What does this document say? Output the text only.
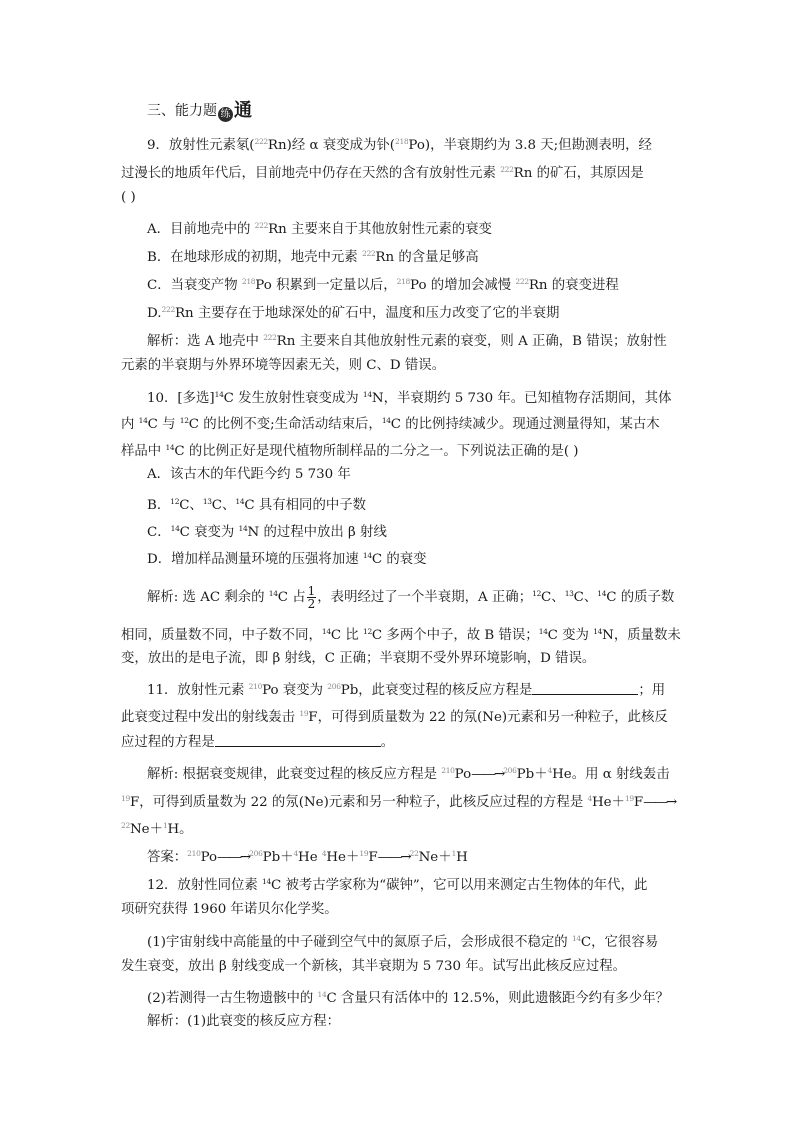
三、能力题 练 通
9．放射性元素氡($^{222}$Rn)经 α 衰变成为钋($^{218}$Po)，半衰期约为 3.8 天;但勘测表明，经
过漫长的地质年代后，目前地壳中仍存在天然的含有放射性元素 $^{222}$Rn 的矿石，其原因是
( )
A．目前地壳中的 $^{222}$Rn 主要来自于其他放射性元素的衰变
B．在地球形成的初期，地壳中元素 $^{222}$Rn 的含量足够高
C．当衰变产物 $^{218}$Po 积累到一定量以后，$^{218}$Po 的增加会减慢 $^{222}$Rn 的衰变进程
D.$^{222}$Rn 主要存在于地球深处的矿石中，温度和压力改变了它的半衰期
解析：选 A 地壳中 $^{222}$Rn 主要来自其他放射性元素的衰变，则 A 正确，B 错误；放射性
元素的半衰期与外界环境等因素无关，则 C、D 错误。
10．[多选]$^{14}$C 发生放射性衰变成为 $^{14}$N，半衰期约 5 730 年。已知植物存活期间，其体
内 $^{14}$C 与 $^{12}$C 的比例不变;生命活动结束后，$^{14}$C 的比例持续减少。现通过测量得知，某古木
样品中 $^{14}$C 的比例正好是现代植物所制样品的二分之一。下列说法正确的是( )
A．该古木的年代距今约 5 730 年
B．$^{12}$C、$^{13}$C、$^{14}$C 具有相同的中子数
C．$^{14}$C 衰变为 $^{14}$N 的过程中放出 β 射线
D．增加样品测量环境的压强将加速 $^{14}$C 的衰变
解析: 选 AC 剩余的 $^{14}$C 占 $\frac{1}{2}$ ，表明经过了一个半衰期，A 正确；$^{12}$C、$^{13}$C、$^{14}$C 的质子数
相同，质量数不同，中子数不同，$^{14}$C 比 $^{12}$C 多两个中子，故 B 错误；$^{14}$C 变为 $^{14}$N，质量数未
变，放出的是电子流，即 β 射线，C 正确；半衰期不受外界环境影响，D 错误。
11．放射性元素 $^{210}$Po 衰变为 $^{206}$Pb，此衰变过程的核反应方程是	；用
此衰变过程中发出的射线轰击 $^{19}$F，可得到质量数为 22 的氖(Ne)元素和另一种粒子，此核反
应过程的方程是	。
解析: 根据衰变规律，此衰变过程的核反应方程是 $^{210}$Po——→$^{206}$Pb＋$^4$He。用 α 射线轰击
$^{19}$F，可得到质量数为 22 的氖(Ne)元素和另一种粒子，此核反应过程的方程是 $^4$He＋$^{19}$F——→
$^{22}$Ne＋$^1$H。
答案：$^{210}$Po——→$^{206}$Pb＋$^4$He $^4$He＋$^{19}$F——→$^{22}$Ne＋$^1$H
12．放射性同位素 $^{14}$C 被考古学家称为“碳钟”，它可以用来测定古生物体的年代，此
项研究获得 1960 年诺贝尔化学奖。
(1)宇宙射线中高能量的中子碰到空气中的氮原子后，会形成很不稳定的 $^{14}$C，它很容易
发生衰变，放出 β 射线变成一个新核，其半衰期为 5 730 年。试写出此核反应过程。
(2)若测得一古生物遗骸中的 $^{14}$C 含量只有活体中的 12.5%，则此遗骸距今约有多少年？
解析：(1)此衰变的核反应方程：
